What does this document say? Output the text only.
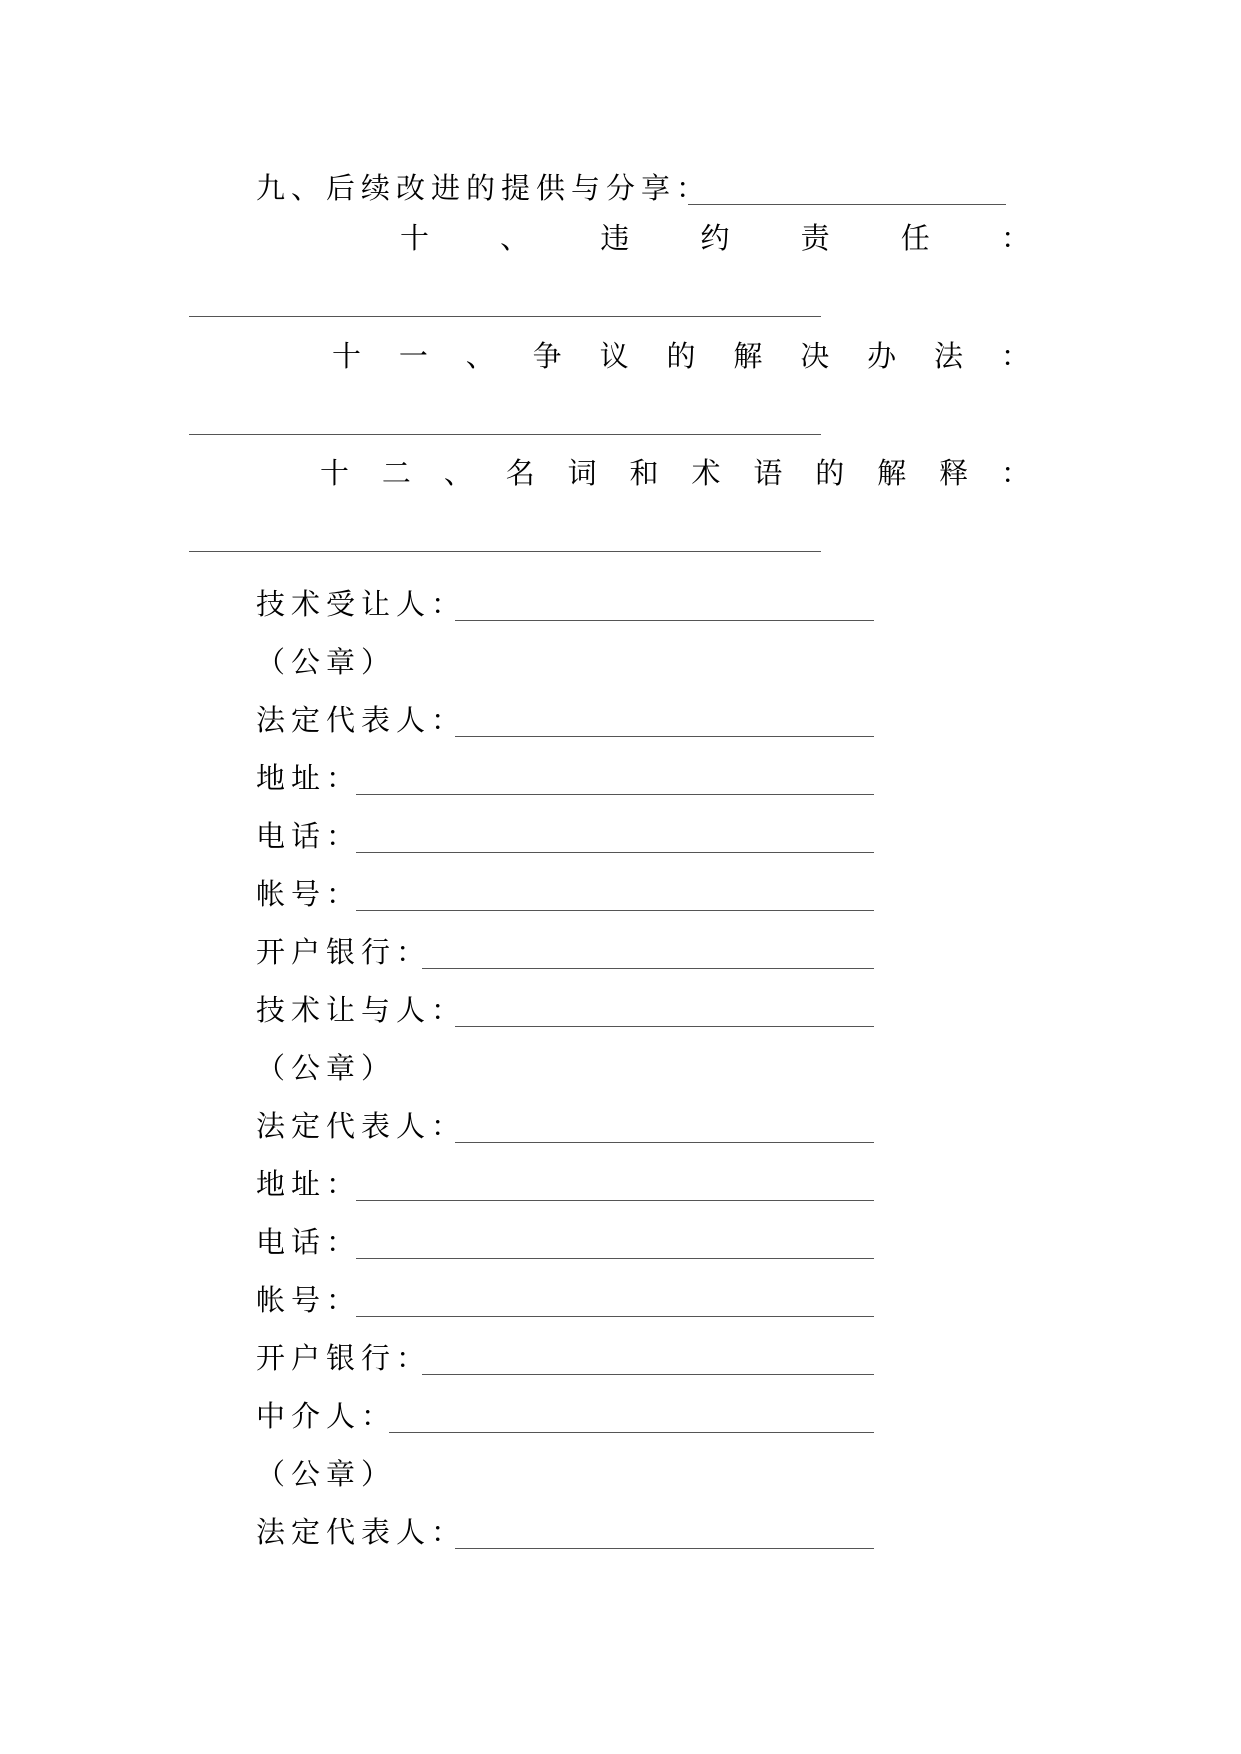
九、后续改进的提供与分享：
十 、 违 约 责 任 ：
十 一 、 争 议 的 解 决 办 法 ：
十 二 、 名 词 和 术 语 的 解 释 ：
技术受让人：
（公章）
法定代表人：
地址：
电话：
帐号：
开户银行：
技术让与人：
（公章）
法定代表人：
地址：
电话：
帐号：
开户银行：
中介人：
（公章）
法定代表人：
